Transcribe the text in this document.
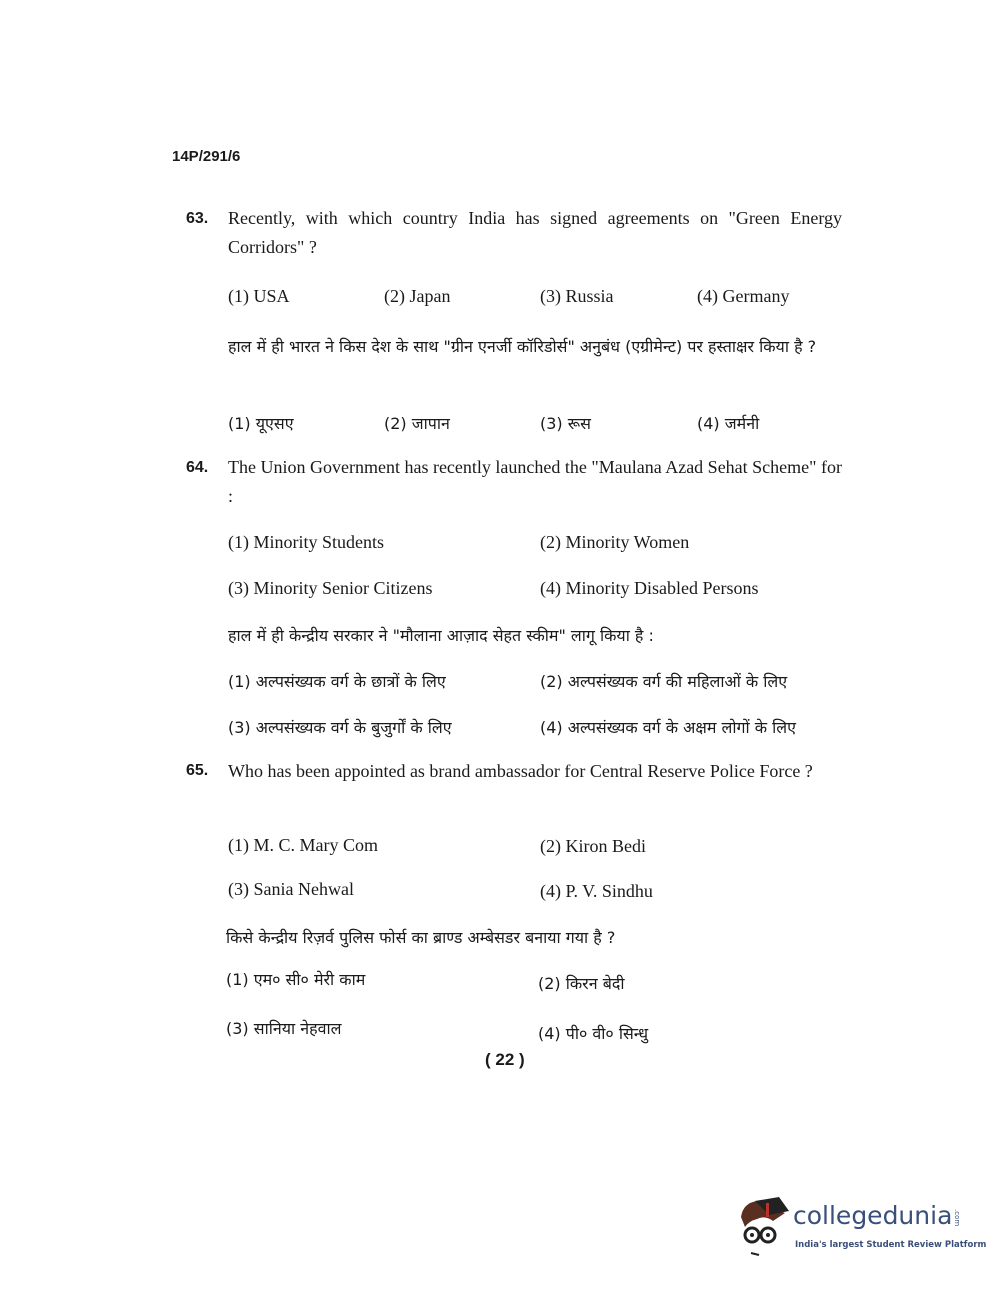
14P/291/6
63. Recently, with which country India has signed agreements on "Green Energy Corridors" ?
(1) USA	(2) Japan	(3) Russia	(4) Germany
हाल में ही भारत ने किस देश के साथ "ग्रीन एनर्जी कॉरिडोर्स" अनुबंध (एग्रीमेन्ट) पर हस्ताक्षर किया है ?
(1) यूएसए	(2) जापान	(3) रूस	(4) जर्मनी
64. The Union Government has recently launched the "Maulana Azad Sehat Scheme" for :
(1) Minority Students	(2) Minority Women
(3) Minority Senior Citizens	(4) Minority Disabled Persons
हाल में ही केन्द्रीय सरकार ने "मौलाना आज़ाद सेहत स्कीम" लागू किया है :
(1) अल्पसंख्यक वर्ग के छात्रों के लिए	(2) अल्पसंख्यक वर्ग की महिलाओं के लिए
(3) अल्पसंख्यक वर्ग के बुजुर्गों के लिए	(4) अल्पसंख्यक वर्ग के अक्षम लोगों के लिए
65. Who has been appointed as brand ambassador for Central Reserve Police Force ?
(1) M. C. Mary Com	(2) Kiron Bedi
(3) Sania Nehwal	(4) P. V. Sindhu
किसे केन्द्रीय रिज़र्व पुलिस फोर्स का ब्राण्ड अम्बेसडर बनाया गया है ?
(1) एम० सी० मेरी काम	(2) किरन बेदी
(3) सानिया नेहवाल	(4) पी० वी० सिन्धु
( 22 )
collegedunia .com
India's largest Student Review Platform
